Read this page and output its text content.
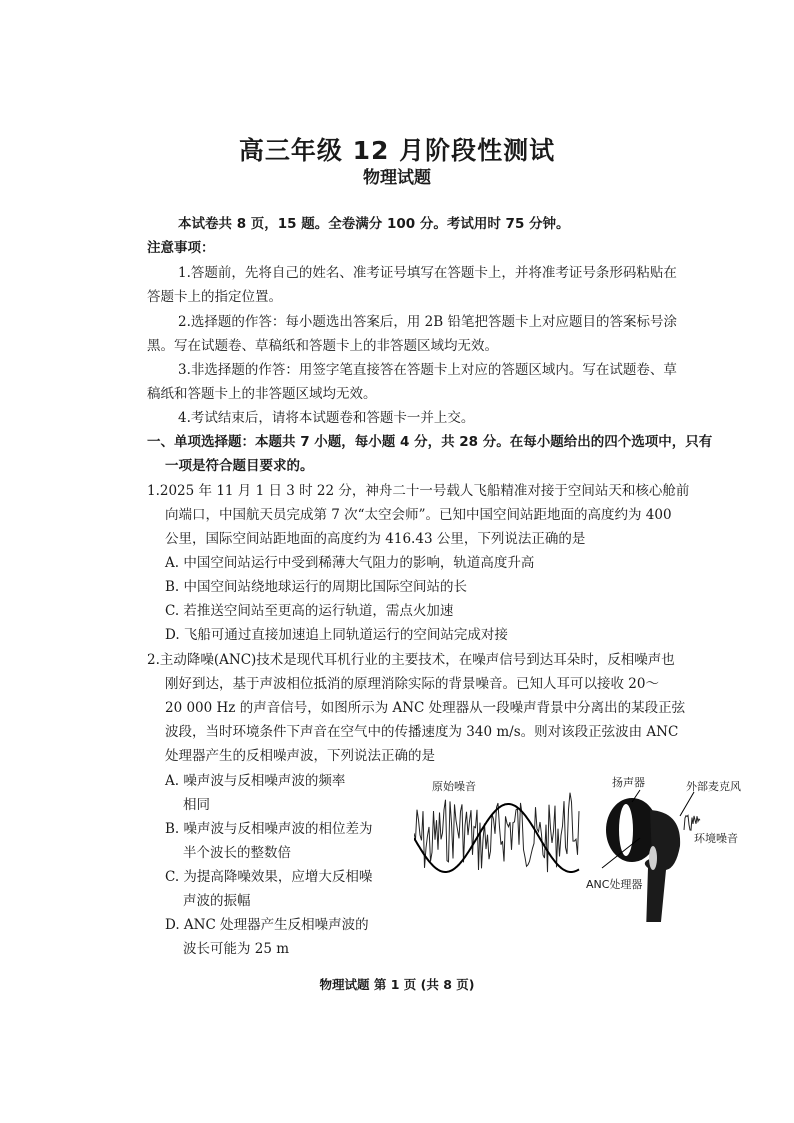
高三年级 12 月阶段性测试
物理试题
本试卷共 8 页，15 题。全卷满分 100 分。考试用时 75 分钟。
注意事项：
1.答题前，先将自己的姓名、准考证号填写在答题卡上，并将准考证号条形码粘贴在
答题卡上的指定位置。
2.选择题的作答：每小题选出答案后，用 2B 铅笔把答题卡上对应题目的答案标号涂
黑。写在试题卷、草稿纸和答题卡上的非答题区域均无效。
3.非选择题的作答：用签字笔直接答在答题卡上对应的答题区域内。写在试题卷、草
稿纸和答题卡上的非答题区域均无效。
4.考试结束后，请将本试题卷和答题卡一并上交。
一、单项选择题：本题共 7 小题，每小题 4 分，共 28 分。在每小题给出的四个选项中，只有
一项是符合题目要求的。
1.2025 年 11 月 1 日 3 时 22 分，神舟二十一号载人飞船精准对接于空间站天和核心舱前
向端口，中国航天员完成第 7 次“太空会师”。已知中国空间站距地面的高度约为 400
公里，国际空间站距地面的高度约为 416.43 公里，下列说法正确的是
A. 中国空间站运行中受到稀薄大气阻力的影响，轨道高度升高
B. 中国空间站绕地球运行的周期比国际空间站的长
C. 若推送空间站至更高的运行轨道，需点火加速
D. 飞船可通过直接加速追上同轨道运行的空间站完成对接
2.主动降噪(ANC)技术是现代耳机行业的主要技术，在噪声信号到达耳朵时，反相噪声也
刚好到达，基于声波相位抵消的原理消除实际的背景噪音。已知人耳可以接收 20～
20 000 Hz 的声音信号，如图所示为 ANC 处理器从一段噪声背景中分离出的某段正弦
波段，当时环境条件下声音在空气中的传播速度为 340 m/s。则对该段正弦波由 ANC
处理器产生的反相噪声波，下列说法正确的是
A. 噪声波与反相噪声波的频率
相同
B. 噪声波与反相噪声波的相位差为
半个波长的整数倍
C. 为提高降噪效果，应增大反相噪
声波的振幅
D. ANC 处理器产生反相噪声波的
波长可能为 25 m
原始噪音	扬声器	外部麦克风
环境噪音
ANC处理器
物理试题 第 1 页 (共 8 页)
